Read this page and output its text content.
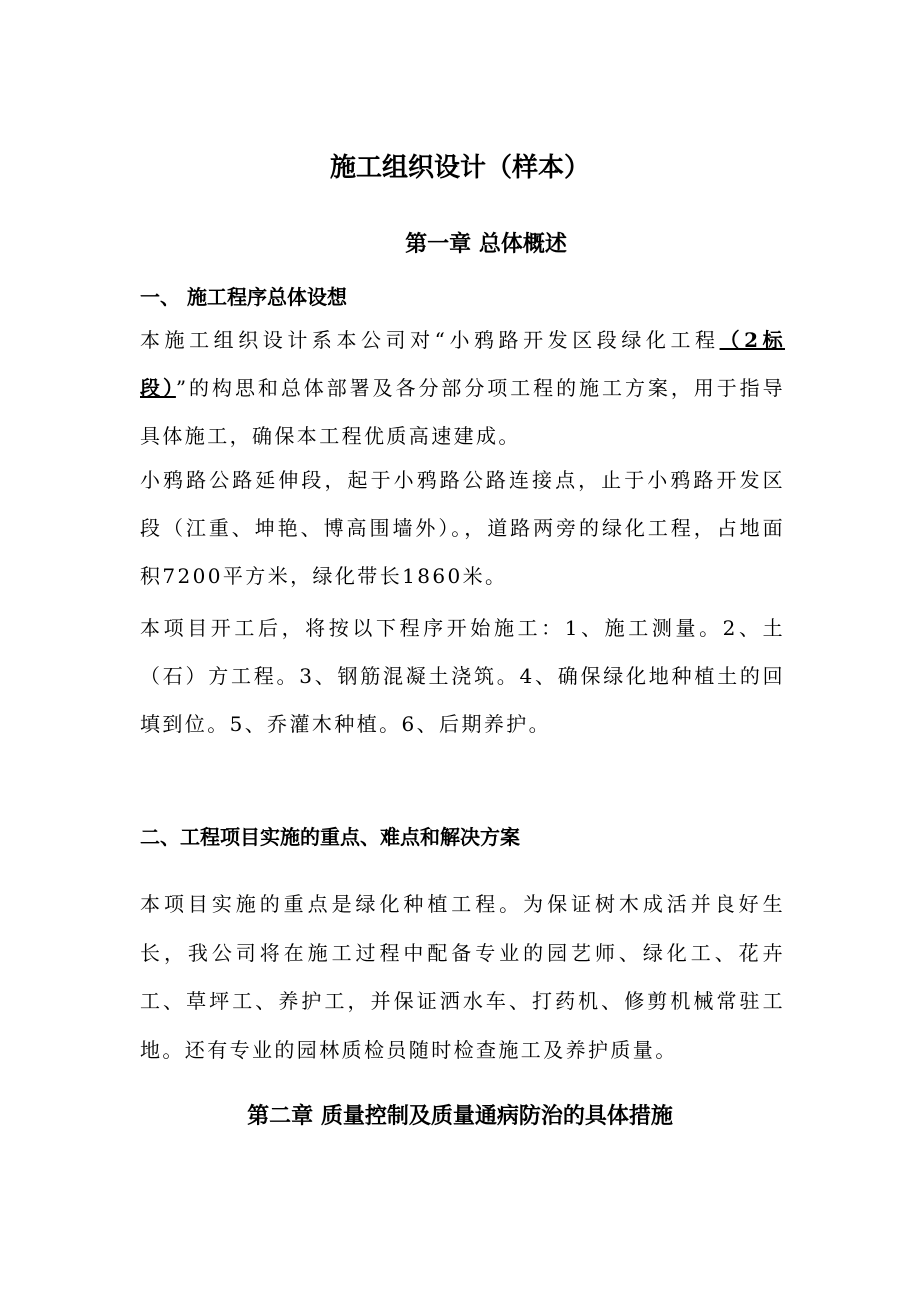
施工组织设计（样本）
第一章 总体概述
一、 施工程序总体设想

本施工组织设计系本公司对“小鸦路开发区段绿化工程（2标段）”的构思和总体部署及各分部分项工程的施工方案，用于指导具体施工，确保本工程优质高速建成。

小鸦路公路延伸段，起于小鸦路公路连接点，止于小鸦路开发区段（江重、坤艳、博高围墙外）。，道路两旁的绿化工程，占地面积7200平方米，绿化带长1860米。

本项目开工后，将按以下程序开始施工：1、施工测量。2、土（石）方工程。3、钢筋混凝土浇筑。4、确保绿化地种植土的回填到位。5、乔灌木种植。6、后期养护。

二、工程项目实施的重点、难点和解决方案

本项目实施的重点是绿化种植工程。为保证树木成活并良好生长，我公司将在施工过程中配备专业的园艺师、绿化工、花卉工、草坪工、养护工，并保证洒水车、打药机、修剪机械常驻工地。还有专业的园林质检员随时检查施工及养护质量。

第二章 质量控制及质量通病防治的具体措施
